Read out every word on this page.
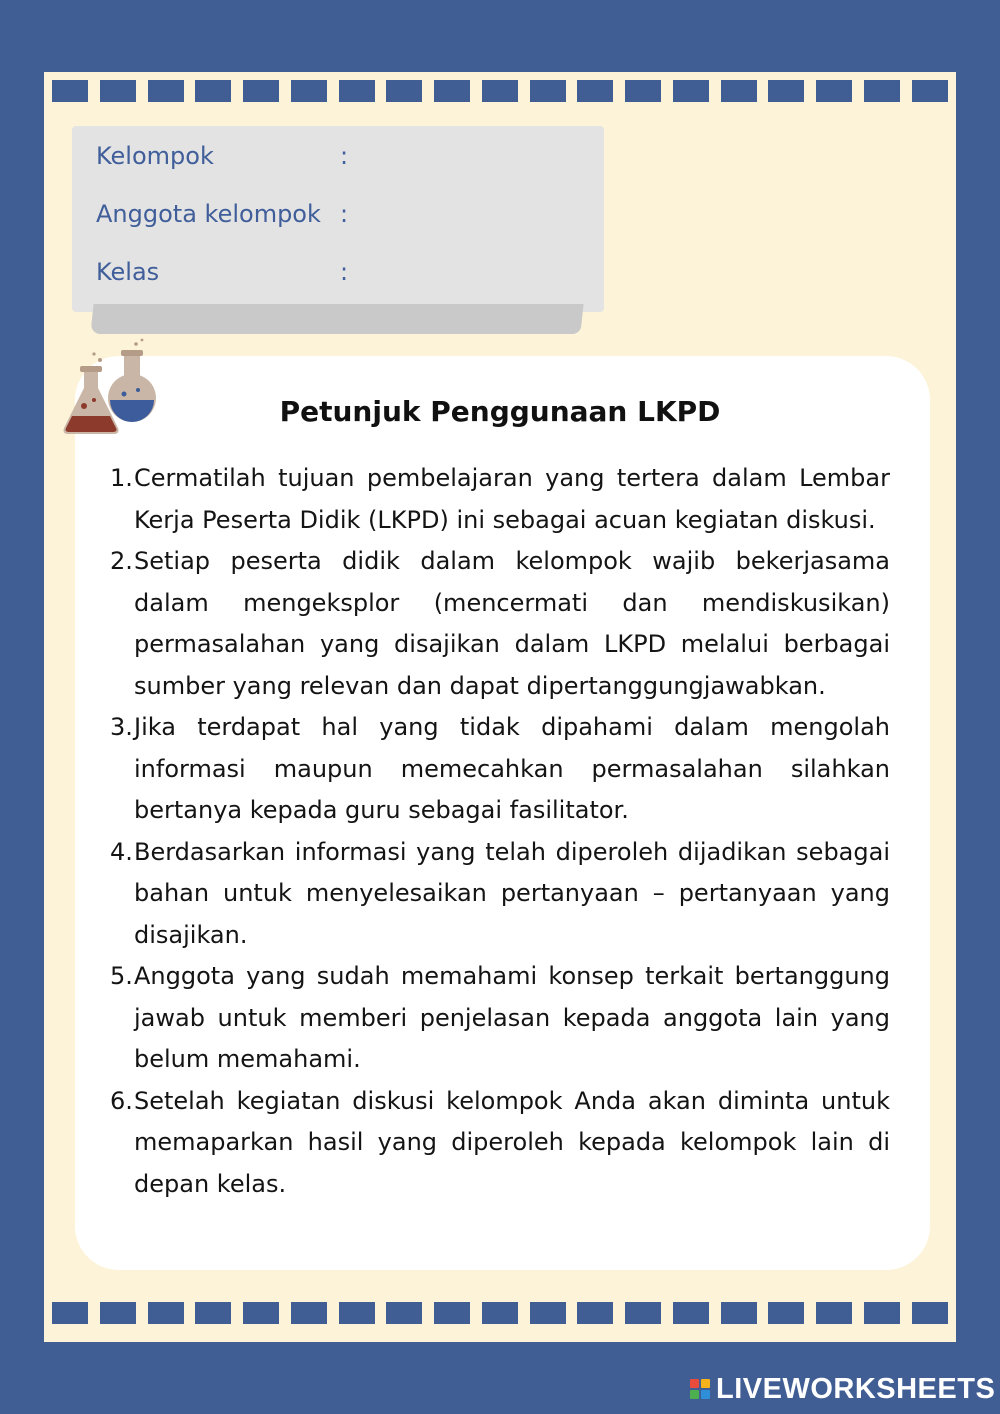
Kelompok	:
Anggota kelompok :
Kelas	:
Petunjuk Penggunaan LKPD
1. Cermatilah tujuan pembelajaran yang tertera dalam Lembar Kerja Peserta Didik (LKPD) ini sebagai acuan kegiatan diskusi.
2. Setiap peserta didik dalam kelompok wajib bekerjasama dalam mengeksplor (mencermati dan mendiskusikan) permasalahan yang disajikan dalam LKPD melalui berbagai sumber yang relevan dan dapat dipertanggungjawabkan.
3. Jika terdapat hal yang tidak dipahami dalam mengolah informasi maupun memecahkan permasalahan silahkan bertanya kepada guru sebagai fasilitator.
4. Berdasarkan informasi yang telah diperoleh dijadikan sebagai bahan untuk menyelesaikan pertanyaan – pertanyaan yang disajikan.
5. Anggota yang sudah memahami konsep terkait bertanggung jawab untuk memberi penjelasan kepada anggota lain yang belum memahami.
6. Setelah kegiatan diskusi kelompok Anda akan diminta untuk memaparkan hasil yang diperoleh kepada kelompok lain di depan kelas.
LIVEWORKSHEETS
